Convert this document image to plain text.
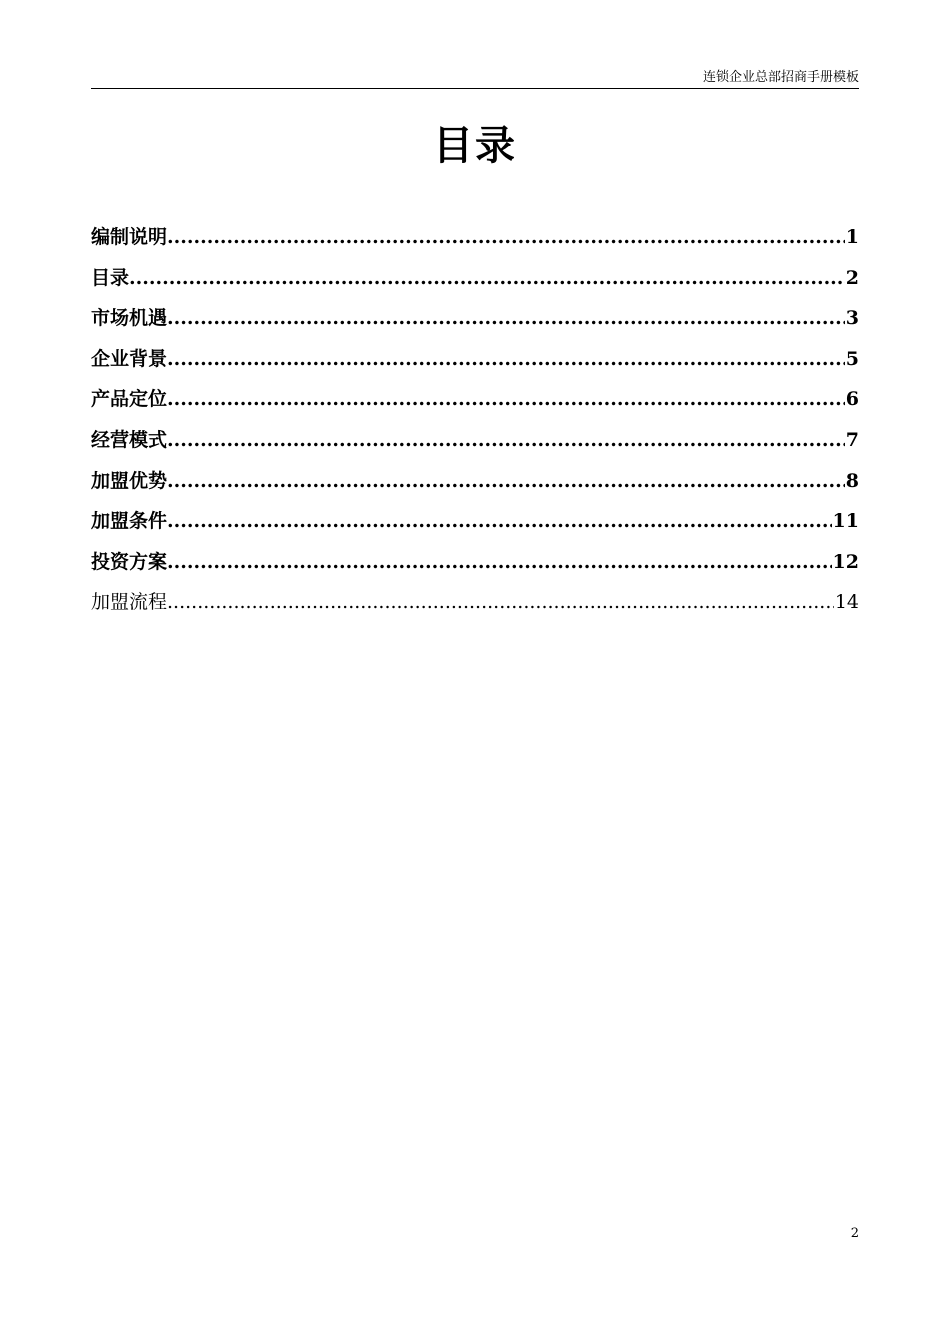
连锁企业总部招商手册模板
目录
编制说明 .....	1
目录 .....	2
市场机遇 .....	3
企业背景 .....	5
产品定位 .....	6
经营模式 .....	7
加盟优势 .....	8
加盟条件 .....	11
投资方案 .....	12
加盟流程 .....	14
2
